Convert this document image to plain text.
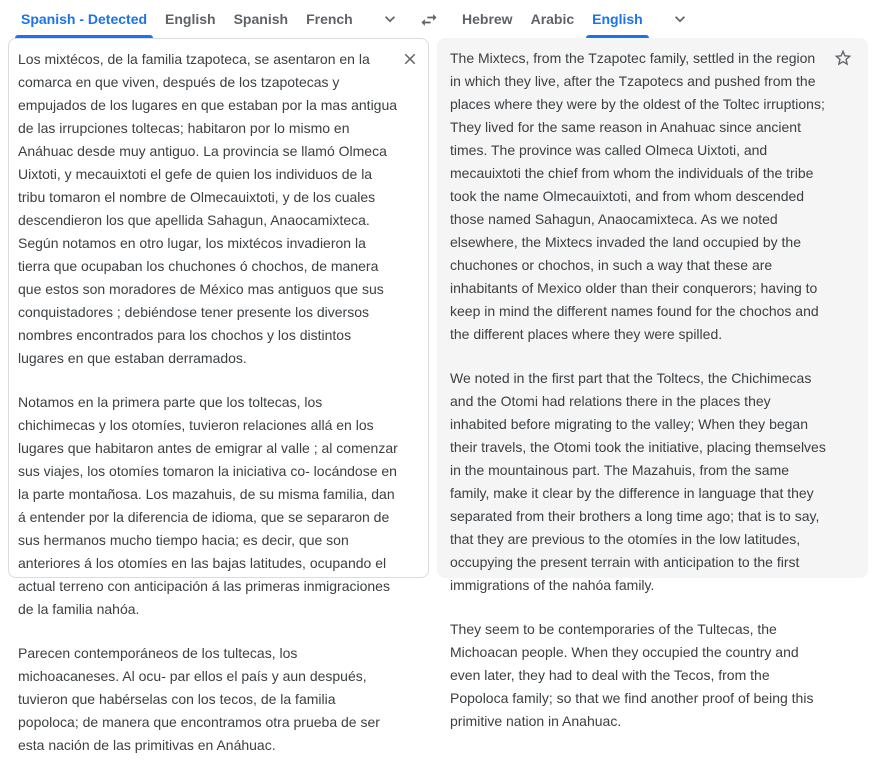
Spanish - Detected English Spanish French	Hebrew Arabic English

Los mixtécos, de la familia tzapoteca, se asentaron en la comarca en que viven, después de los tzapotecas y empujados de los lugares en que estaban por la mas antigua de las irrupciones toltecas; habitaron por lo mismo en Anáhuac desde muy antiguo. La provincia se llamó Olmeca Uixtoti, y mecauixtoti el gefe de quien los individuos de la tribu tomaron el nombre de Olmecauixtoti, y de los cuales descendieron los que apellida Sahagun, Anaocamixteca. Según notamos en otro lugar, los mixtécos invadieron la tierra que ocupaban los chuchones ó chochos, de manera que estos son moradores de México mas antiguos que sus conquistadores ; debiéndose tener presente los diversos nombres encontrados para los chochos y los distintos lugares en que estaban derramados.

Notamos en la primera parte que los toltecas, los chichimecas y los otomíes, tuvieron relaciones allá en los lugares que habitaron antes de emigrar al valle ; al comenzar sus viajes, los otomíes tomaron la iniciativa co- locándose en la parte montañosa. Los mazahuis, de su misma familia, dan á entender por la diferencia de idioma, que se separaron de sus hermanos mucho tiempo hacia; es decir, que son anteriores á los otomíes en las bajas latitudes, ocupando el actual terreno con anticipación á las primeras inmigraciones de la familia nahóa.

Parecen contemporáneos de los tultecas, los michoacaneses. Al ocu- par ellos el país y aun después, tuvieron que habérselas con los tecos, de la familia popoloca; de manera que encontramos otra prueba de ser esta nación de las primitivas en Anáhuac.

The Mixtecs, from the Tzapotec family, settled in the region in which they live, after the Tzapotecs and pushed from the places where they were by the oldest of the Toltec irruptions; They lived for the same reason in Anahuac since ancient times. The province was called Olmeca Uixtoti, and mecauixtoti the chief from whom the individuals of the tribe took the name Olmecauixtoti, and from whom descended those named Sahagun, Anaocamixteca. As we noted elsewhere, the Mixtecs invaded the land occupied by the chuchones or chochos, in such a way that these are inhabitants of Mexico older than their conquerors; having to keep in mind the different names found for the chochos and the different places where they were spilled.

We noted in the first part that the Toltecs, the Chichimecas and the Otomi had relations there in the places they inhabited before migrating to the valley; When they began their travels, the Otomi took the initiative, placing themselves in the mountainous part. The Mazahuis, from the same family, make it clear by the difference in language that they separated from their brothers a long time ago; that is to say, that they are previous to the otomíes in the low latitudes, occupying the present terrain with anticipation to the first immigrations of the nahóa family.

They seem to be contemporaries of the Tultecas, the Michoacan people. When they occupied the country and even later, they had to deal with the Tecos, from the Popoloca family; so that we find another proof of being this primitive nation in Anahuac.
